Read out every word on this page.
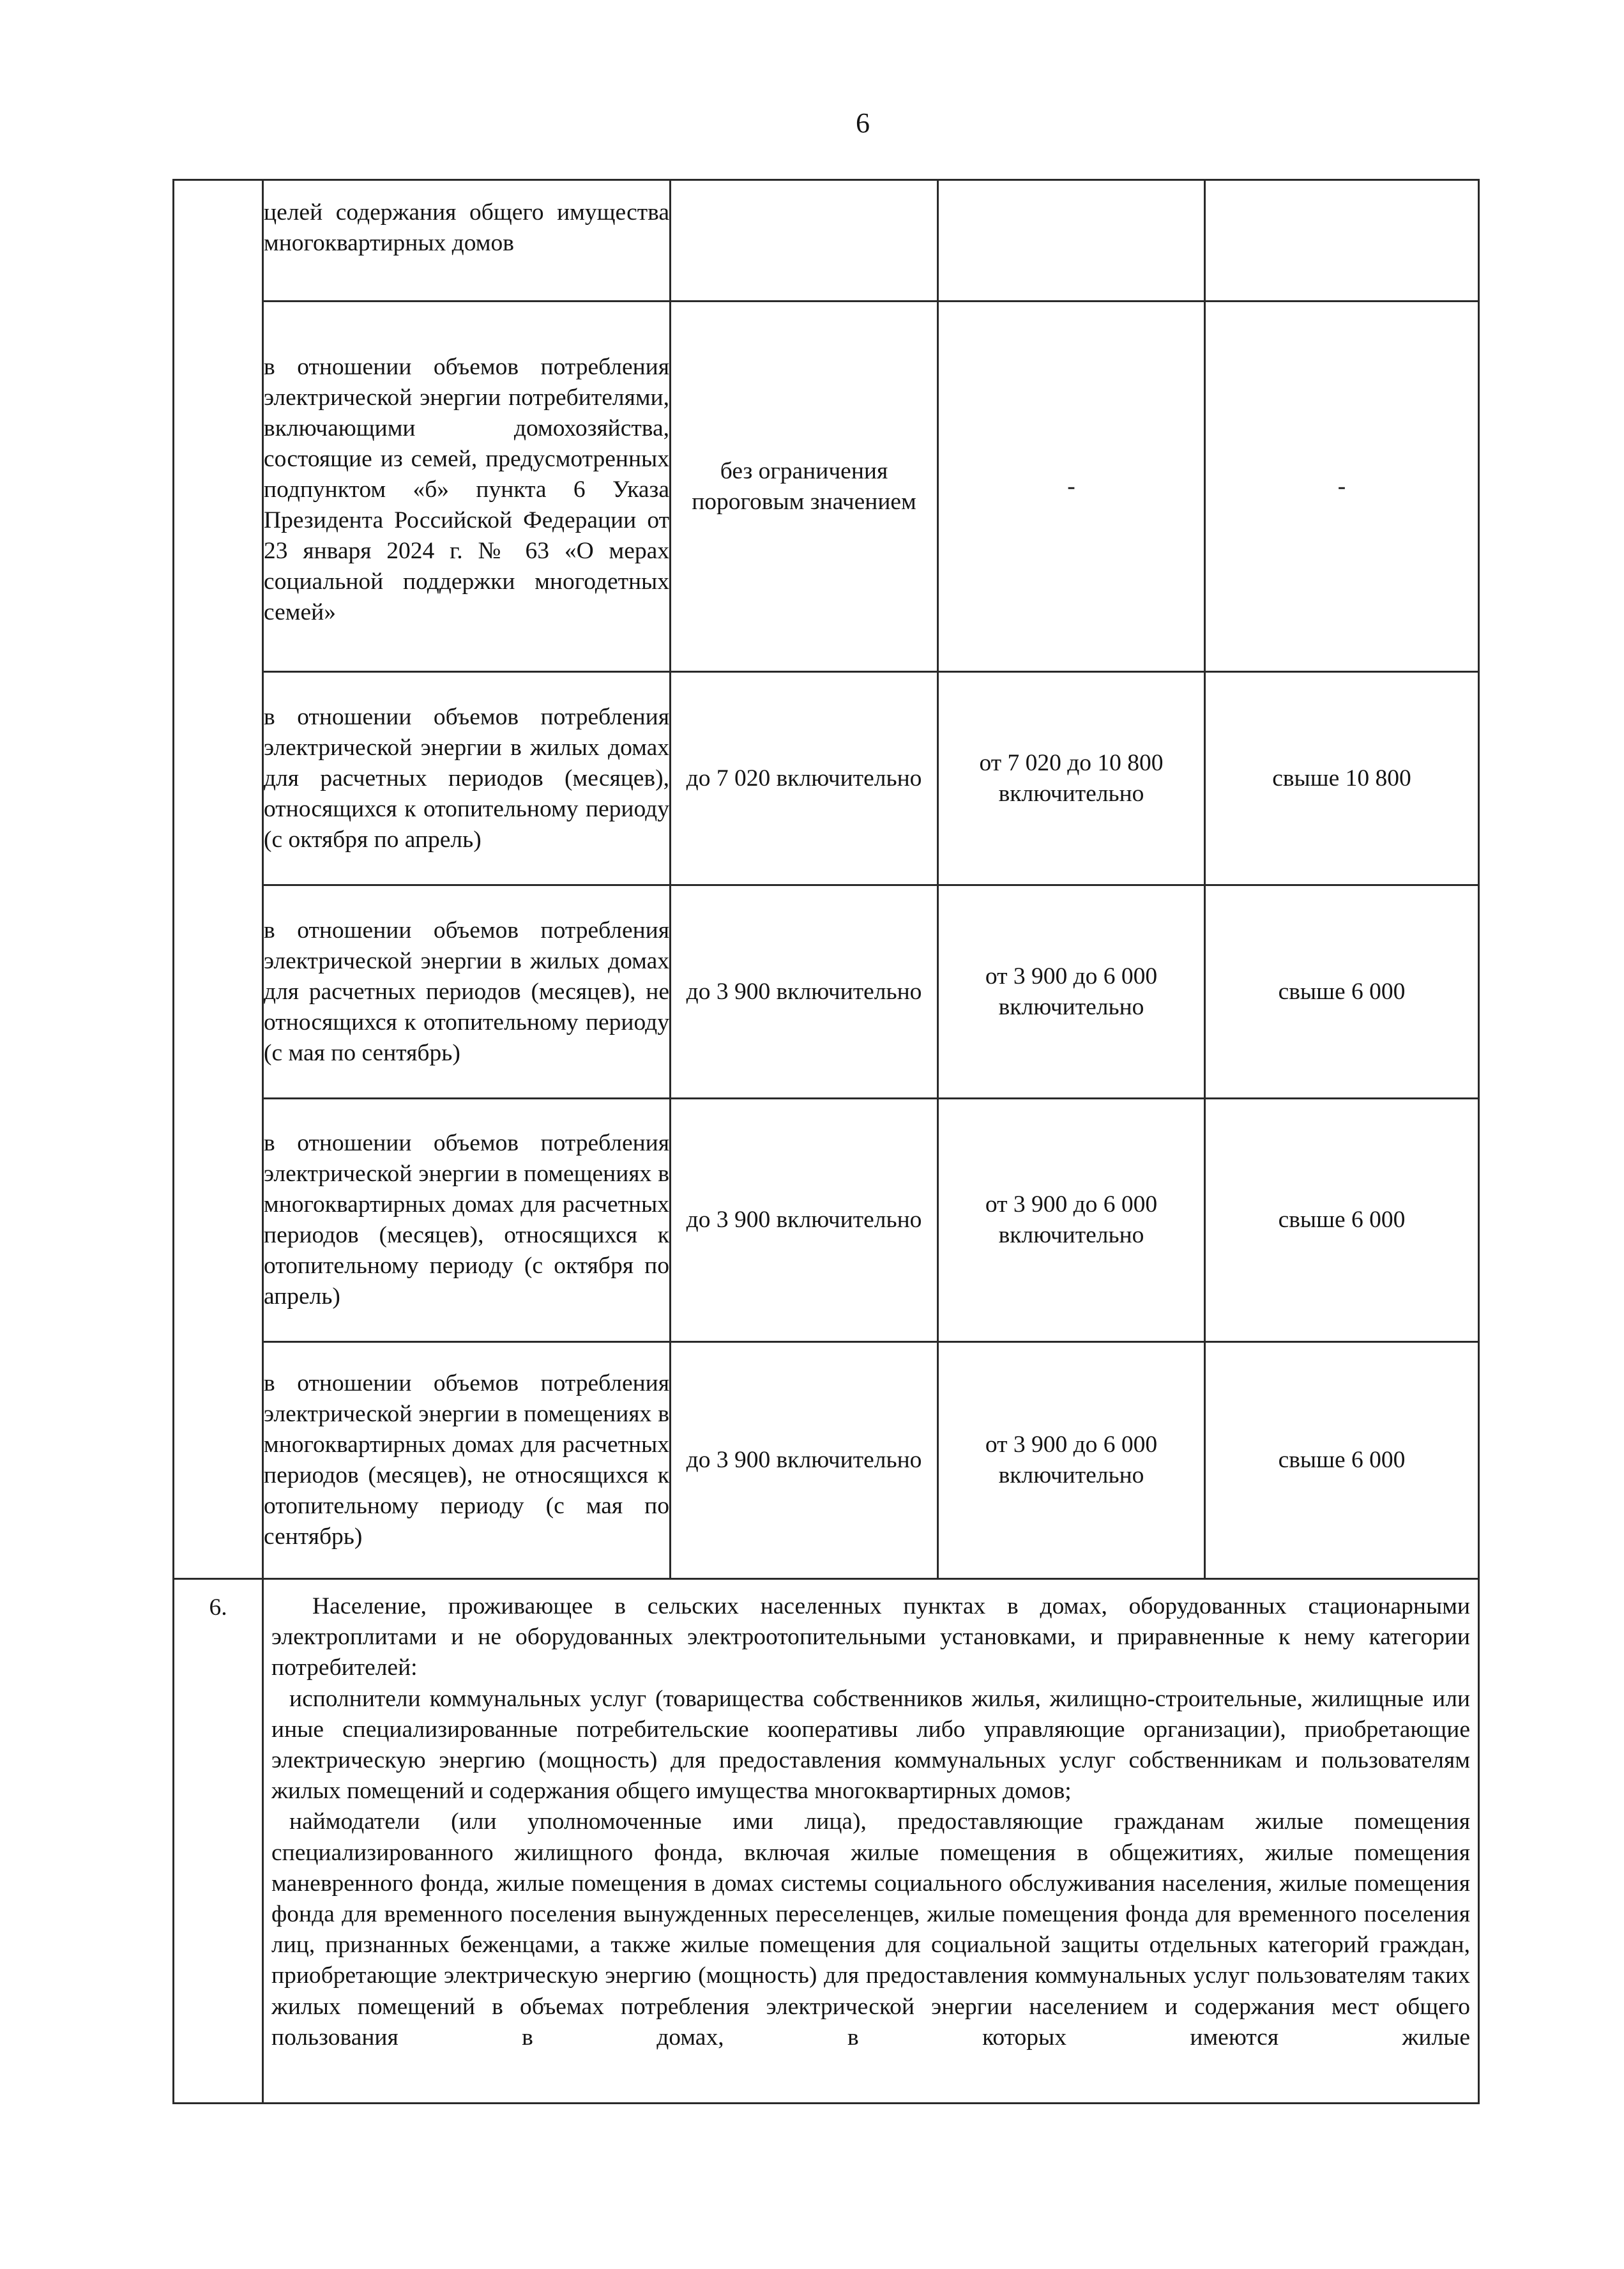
6
	целей содержания общего имущества многоквартирных домов			
	в отношении объемов потребления электрической энергии потребителями, включающими домохозяйства, состоящие из семей, предусмотренных подпунктом «б» пункта 6 Указа Президента Российской Федерации от 23 января 2024 г. № 63 «О мерах социальной поддержки многодетных семей»	без ограничения пороговым значением	-	-
	в отношении объемов потребления электрической энергии в жилых домах для расчетных периодов (месяцев), относящихся к отопительному периоду (с октября по апрель)	до 7 020 включительно	от 7 020 до 10 800 включительно	свыше 10 800
	в отношении объемов потребления электрической энергии в жилых домах для расчетных периодов (месяцев), не относящихся к отопительному периоду (с мая по сентябрь)	до 3 900 включительно	от 3 900 до 6 000 включительно	свыше 6 000
	в отношении объемов потребления электрической энергии в помещениях в многоквартирных домах для расчетных периодов (месяцев), относящихся к отопительному периоду (с октября по апрель)	до 3 900 включительно	от 3 900 до 6 000 включительно	свыше 6 000
	в отношении объемов потребления электрической энергии в помещениях в многоквартирных домах для расчетных периодов (месяцев), не относящихся к отопительному периоду (с мая по сентябрь)	до 3 900 включительно	от 3 900 до 6 000 включительно	свыше 6 000
6.	Население, проживающее в сельских населенных пунктах в домах, оборудованных стационарными электроплитами и не оборудованных электроотопительными установками, и приравненные к нему категории потребителей:

исполнители коммунальных услуг (товарищества собственников жилья, жилищно-строительные, жилищные или иные специализированные потребительские кооперативы либо управляющие организации), приобретающие электрическую энергию (мощность) для предоставления коммунальных услуг собственникам и пользователям жилых помещений и содержания общего имущества многоквартирных домов;

наймодатели (или уполномоченные ими лица), предоставляющие гражданам жилые помещения специализированного жилищного фонда, включая жилые помещения в общежитиях, жилые помещения маневренного фонда, жилые помещения в домах системы социального обслуживания населения, жилые помещения фонда для временного поселения вынужденных переселенцев, жилые помещения фонда для временного поселения лиц, признанных беженцами, а также жилые помещения для социальной защиты отдельных категорий граждан, приобретающие электрическую энергию (мощность) для предоставления коммунальных услуг пользователям таких жилых помещений в объемах потребления электрической энергии населением и содержания мест общего пользования в домах, в которых имеются жилые			
